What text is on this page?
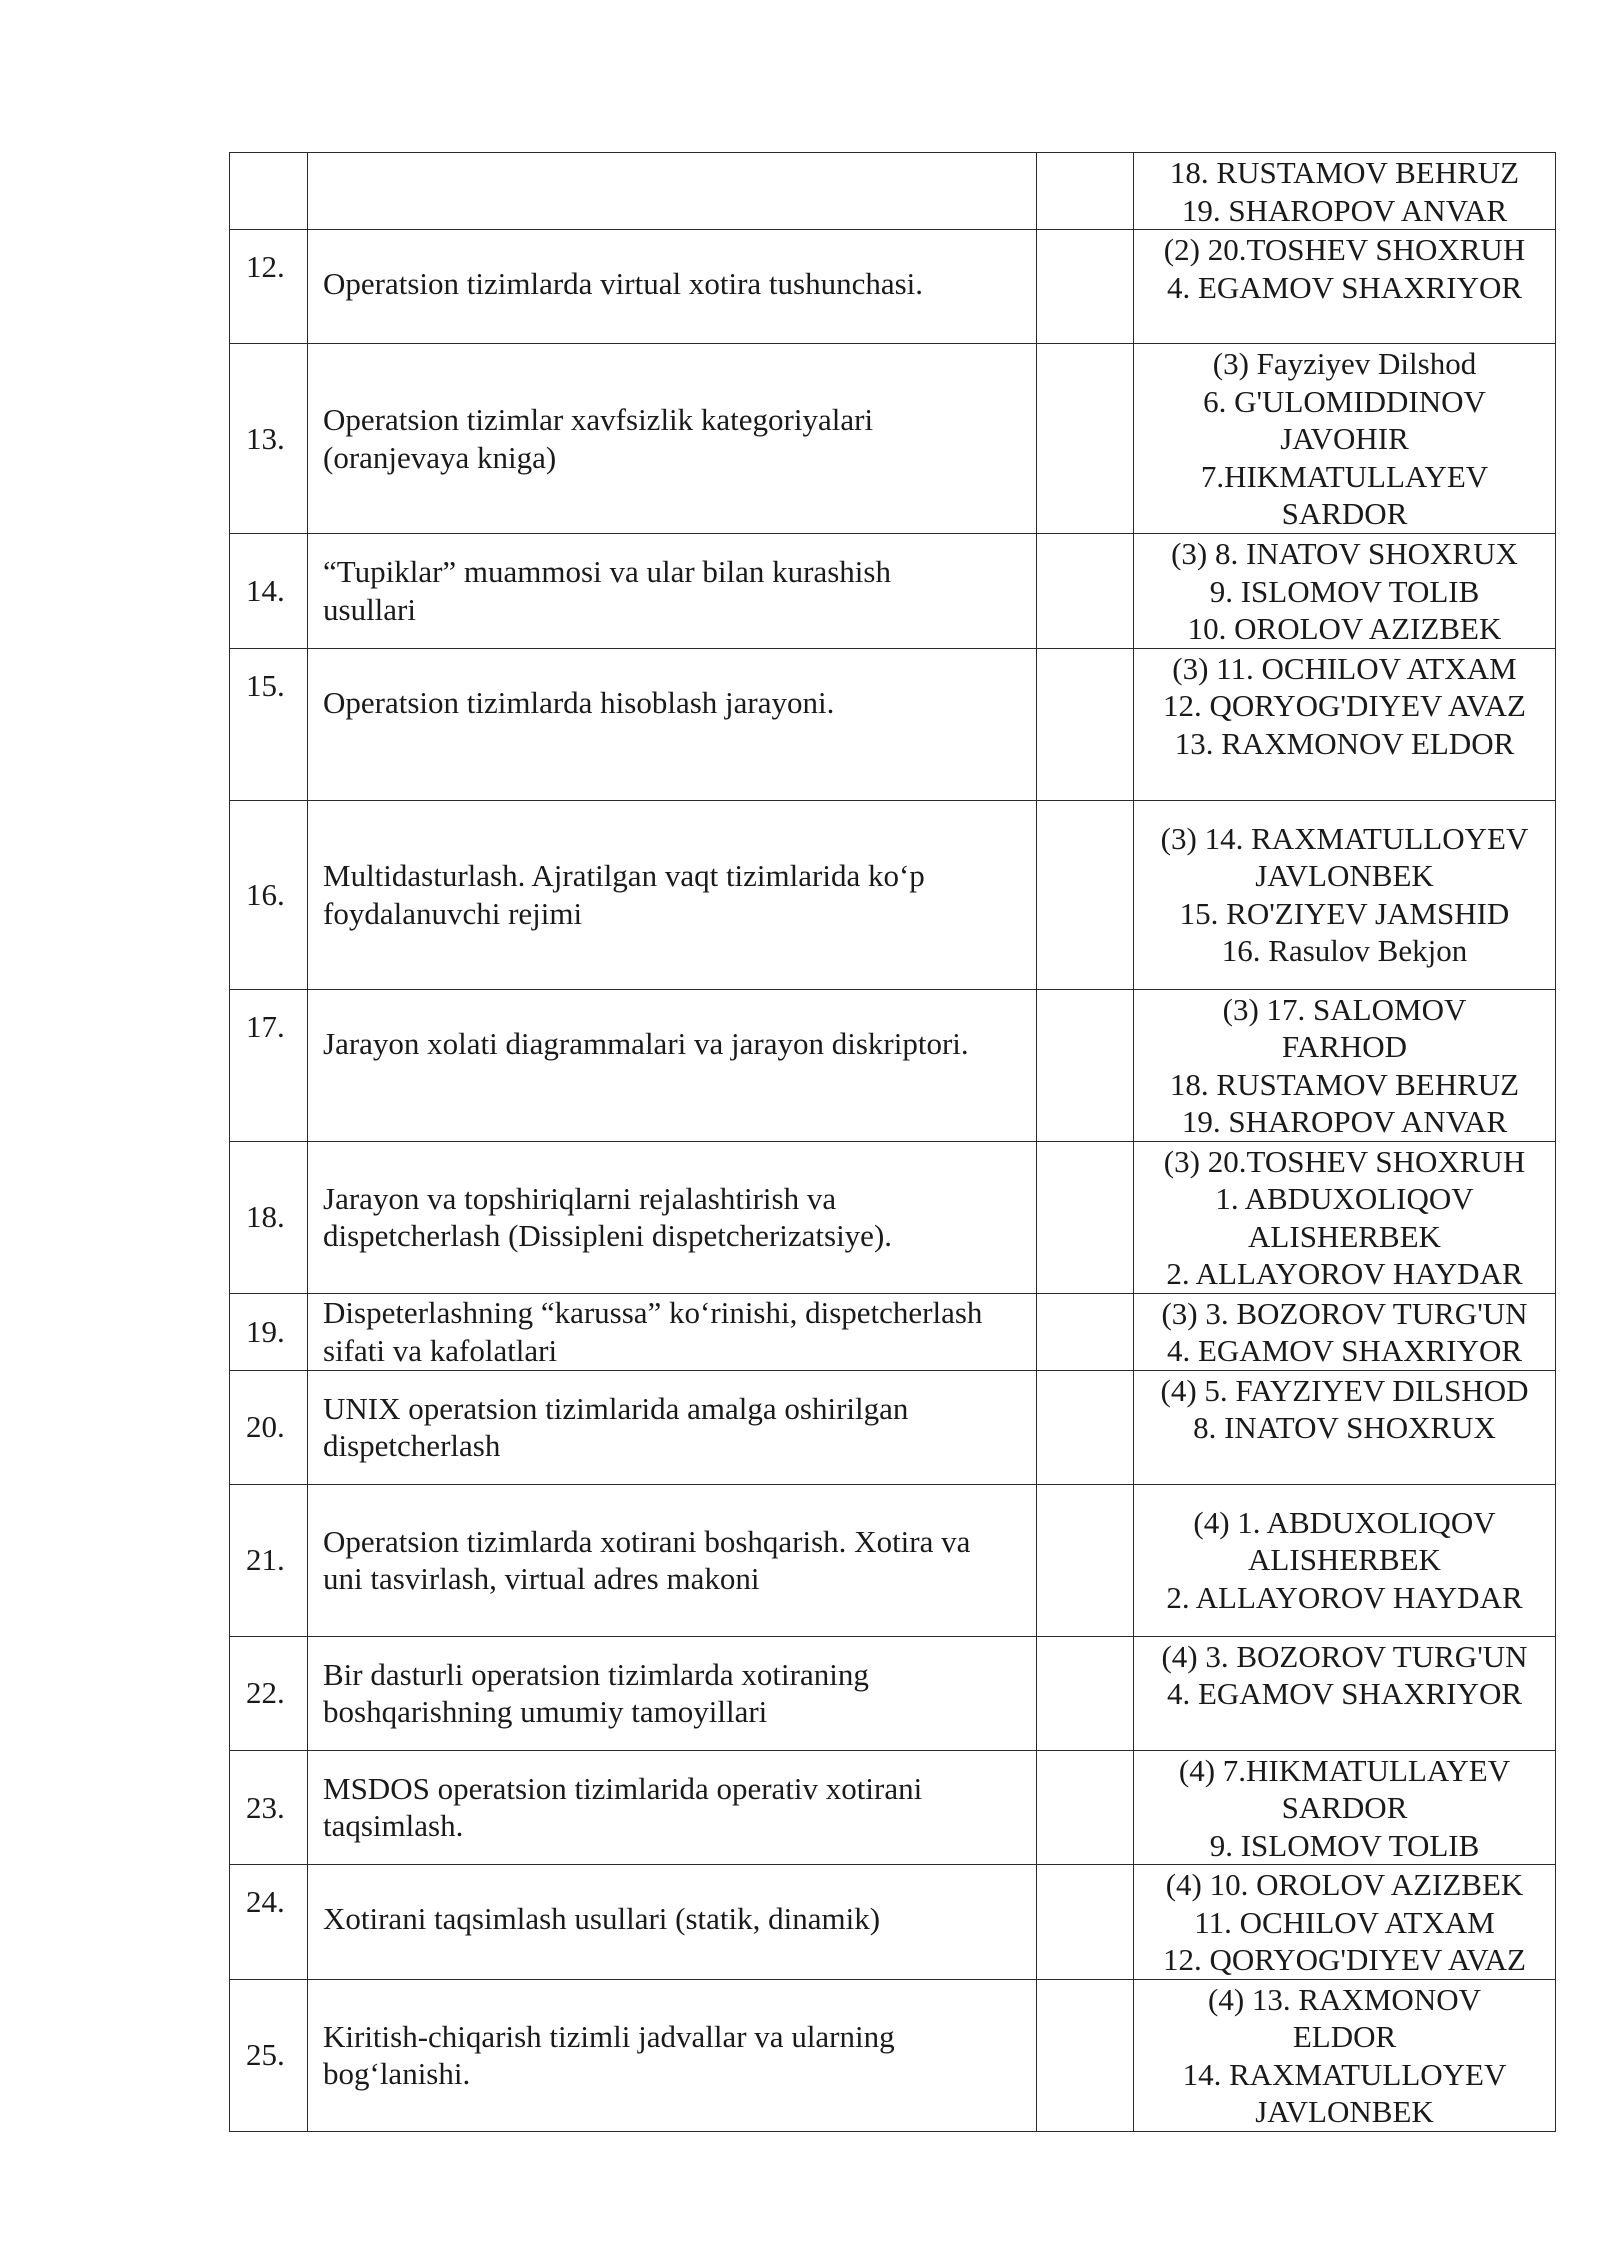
			18. RUSTAMOV BEHRUZ
19. SHAROPOV ANVAR

12.	Operatsion tizimlarda virtual xotira tushunchasi.		(2) 20.TOSHEV SHOXRUH
4. EGAMOV SHAXRIYOR

13.	Operatsion tizimlar xavfsizlik kategoriyalari
(oranjevaya kniga)		(3) Fayziyev Dilshod
6. G'ULOMIDDINOV
JAVOHIR
7.HIKMATULLAYEV
SARDOR

14.	“Tupiklar” muammosi va ular bilan kurashish
usullari		(3) 8. INATOV SHOXRUX
9. ISLOMOV TOLIB
10. OROLOV AZIZBEK

15.	Operatsion tizimlarda hisoblash jarayoni.		(3) 11. OCHILOV ATXAM
12. QORYOG'DIYEV AVAZ
13. RAXMONOV ELDOR

16.	Multidasturlash. Ajratilgan vaqt tizimlarida ko‘p
foydalanuvchi rejimi		(3) 14. RAXMATULLOYEV
JAVLONBEK
15. RO'ZIYEV JAMSHID
16. Rasulov Bekjon

17.	Jarayon xolati diagrammalari va jarayon diskriptori.		(3) 17. SALOMOV
FARHOD
18. RUSTAMOV BEHRUZ
19. SHAROPOV ANVAR

18.	Jarayon va topshiriqlarni rejalashtirish va
dispetcherlash (Dissipleni dispetcherizatsiye).		(3) 20.TOSHEV SHOXRUH
1. ABDUXOLIQOV
ALISHERBEK
2. ALLAYOROV HAYDAR

19.	Dispeterlashning “karussa” ko‘rinishi, dispetcherlash
sifati va kafolatlari		(3) 3. BOZOROV TURG'UN
4. EGAMOV SHAXRIYOR

20.	UNIX operatsion tizimlarida amalga oshirilgan
dispetcherlash		(4) 5. FAYZIYEV DILSHOD
8. INATOV SHOXRUX

21.	Operatsion tizimlarda xotirani boshqarish. Xotira va
uni tasvirlash, virtual adres makoni		(4) 1. ABDUXOLIQOV
ALISHERBEK
2. ALLAYOROV HAYDAR

22.	Bir dasturli operatsion tizimlarda xotiraning
boshqarishning umumiy tamoyillari		(4) 3. BOZOROV TURG'UN
4. EGAMOV SHAXRIYOR

23.	MSDOS operatsion tizimlarida operativ xotirani
taqsimlash.		(4) 7.HIKMATULLAYEV
SARDOR
9. ISLOMOV TOLIB

24.	Xotirani taqsimlash usullari (statik, dinamik)		(4) 10. OROLOV AZIZBEK
11. OCHILOV ATXAM
12. QORYOG'DIYEV AVAZ

25.	Kiritish-chiqarish tizimli jadvallar va ularning
bog‘lanishi.		(4) 13. RAXMONOV
ELDOR
14. RAXMATULLOYEV
JAVLONBEK
